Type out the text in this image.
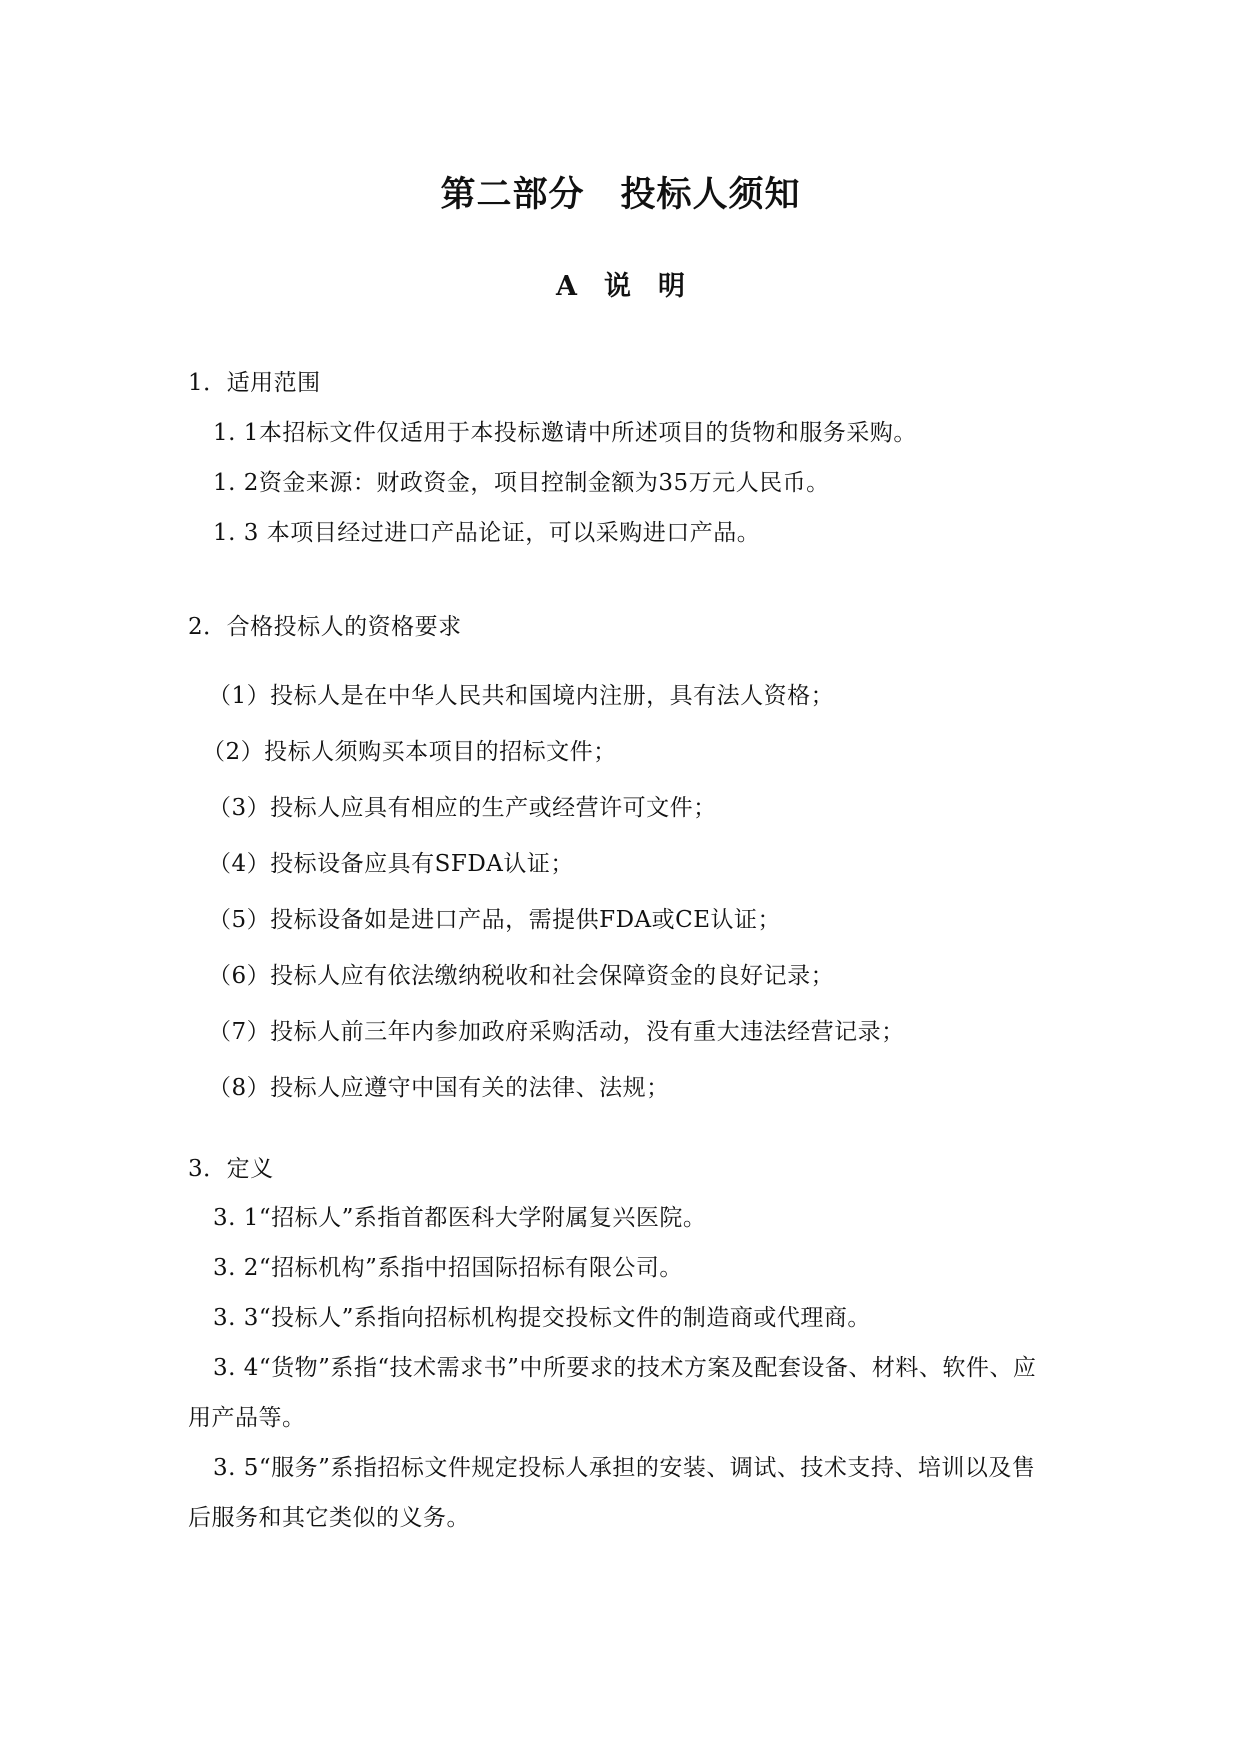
第二部分　投标人须知
A　说　明
1．适用范围
1. 1本招标文件仅适用于本投标邀请中所述项目的货物和服务采购。
1. 2资金来源：财政资金，项目控制金额为35万元人民币。
1. 3 本项目经过进口产品论证，可以采购进口产品。
2．合格投标人的资格要求
（1）投标人是在中华人民共和国境内注册，具有法人资格；
（2）投标人须购买本项目的招标文件；
（3）投标人应具有相应的生产或经营许可文件；
（4）投标设备应具有SFDA认证；
（5）投标设备如是进口产品，需提供FDA或CE认证；
（6）投标人应有依法缴纳税收和社会保障资金的良好记录；
（7）投标人前三年内参加政府采购活动，没有重大违法经营记录；
（8）投标人应遵守中国有关的法律、法规；
3．定义
3. 1“招标人”系指首都医科大学附属复兴医院。
3. 2“招标机构”系指中招国际招标有限公司。
3. 3“投标人”系指向招标机构提交投标文件的制造商或代理商。
3. 4“货物”系指“技术需求书”中所要求的技术方案及配套设备、材料、软件、应
用产品等。
3. 5“服务”系指招标文件规定投标人承担的安装、调试、技术支持、培训以及售
后服务和其它类似的义务。
